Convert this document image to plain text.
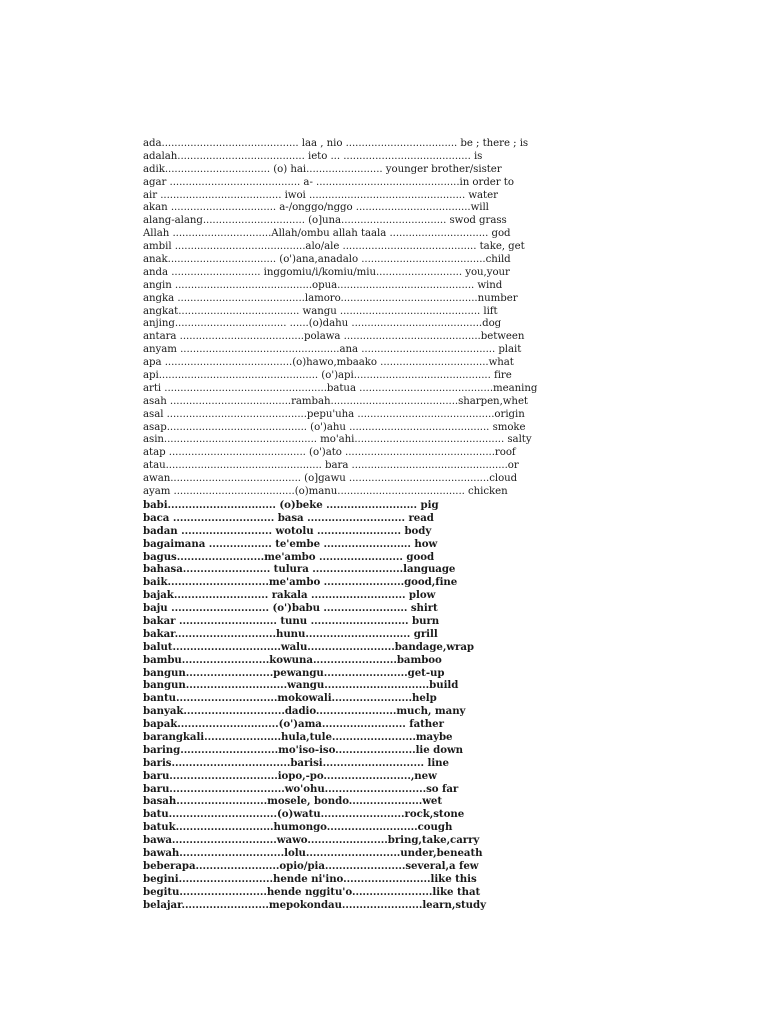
ada........................................... laa , nio ................................... be ; there ; is
adalah........................................ ieto ... ........................................ is
adik................................. (o) hai........................ younger brother/sister
agar ......................................... a- .............................................in order to
air ...................................... iwoi ................................................. water
akan ................................. a-/onggo/nggo ....................................will
alang-alang................................ (o]una................................. swod grass
Allah ...............................Allah/ombu allah taala ............................... god
ambil .........................................alo/ale .......................................... take, get
anak.................................. (o')ana,anadalo .......................................child
anda ............................ inggomiu/i/komiu/miu........................... you,your
angin ...........................................opua........................................... wind
angka ........................................lamoro...........................................number
angkat...................................... wangu ............................................ lift
anjing................................... ......(o)dahu .........................................dog
antara .......................................polawa ...........................................between
anyam ..................................................ana .......................................... plait
apa ........................................(o)hawo,mbaako ..................................what
api.................................................. (o')api........................................... fire
arti ...................................................batua ..........................................meaning
asah ......................................rambah........................................sharpen,whet
asal ............................................pepu'uha ...........................................origin
asap............................................ (o')ahu ............................................ smoke
asin................................................ mo'ahi............................................... salty
atap ........................................... (o')ato ...............................................roof
atau................................................. bara .................................................or
awan......................................... (o]gawu ............................................cloud
ayam ......................................(o)manu........................................ chicken
babi............................... (o)beke .......................... pig
baca ............................. basa ............................ read
badan .......................... wotolu ........................ body
bagaimana .................. te'embe ......................... how
bagus.........................me'ambo ........................ good
bahasa......................... tulura ..........................language
baik.............................me'ambo .......................good,fine
bajak........................... rakala ........................... plow
baju ............................ (o')babu ........................ shirt
bakar ............................ tunu ............................ burn
bakar.............................hunu.............................. grill
balut...............................walu.........................bandage,wrap
bambu.........................kowuna........................bamboo
bangun.........................pewangu........................get-up
bangun.............................wangu..............................build
bantu.............................mokowali.......................help
banyak.............................dadio.......................much, many
bapak.............................(o')ama........................ father
barangkali......................hula,tule........................maybe
baring............................mo'iso-iso.......................lie down
baris..................................barisi............................. line
baru...............................iopo,-po.........................,new
baru.................................wo'ohu.............................so far
basah..........................mosele, bondo.....................wet
batu...............................(o)watu........................rock,stone
batuk............................humongo..........................cough
bawa..............................wawo.......................bring,take,carry
bawah..............................lolu...........................under,beneath
beberapa........................opio/pia.......................several,a few
begini...........................hende ni'ino.........................like this
begitu.........................hende nggitu'o.......................like that
belajar.........................mepokondau.......................learn,study
